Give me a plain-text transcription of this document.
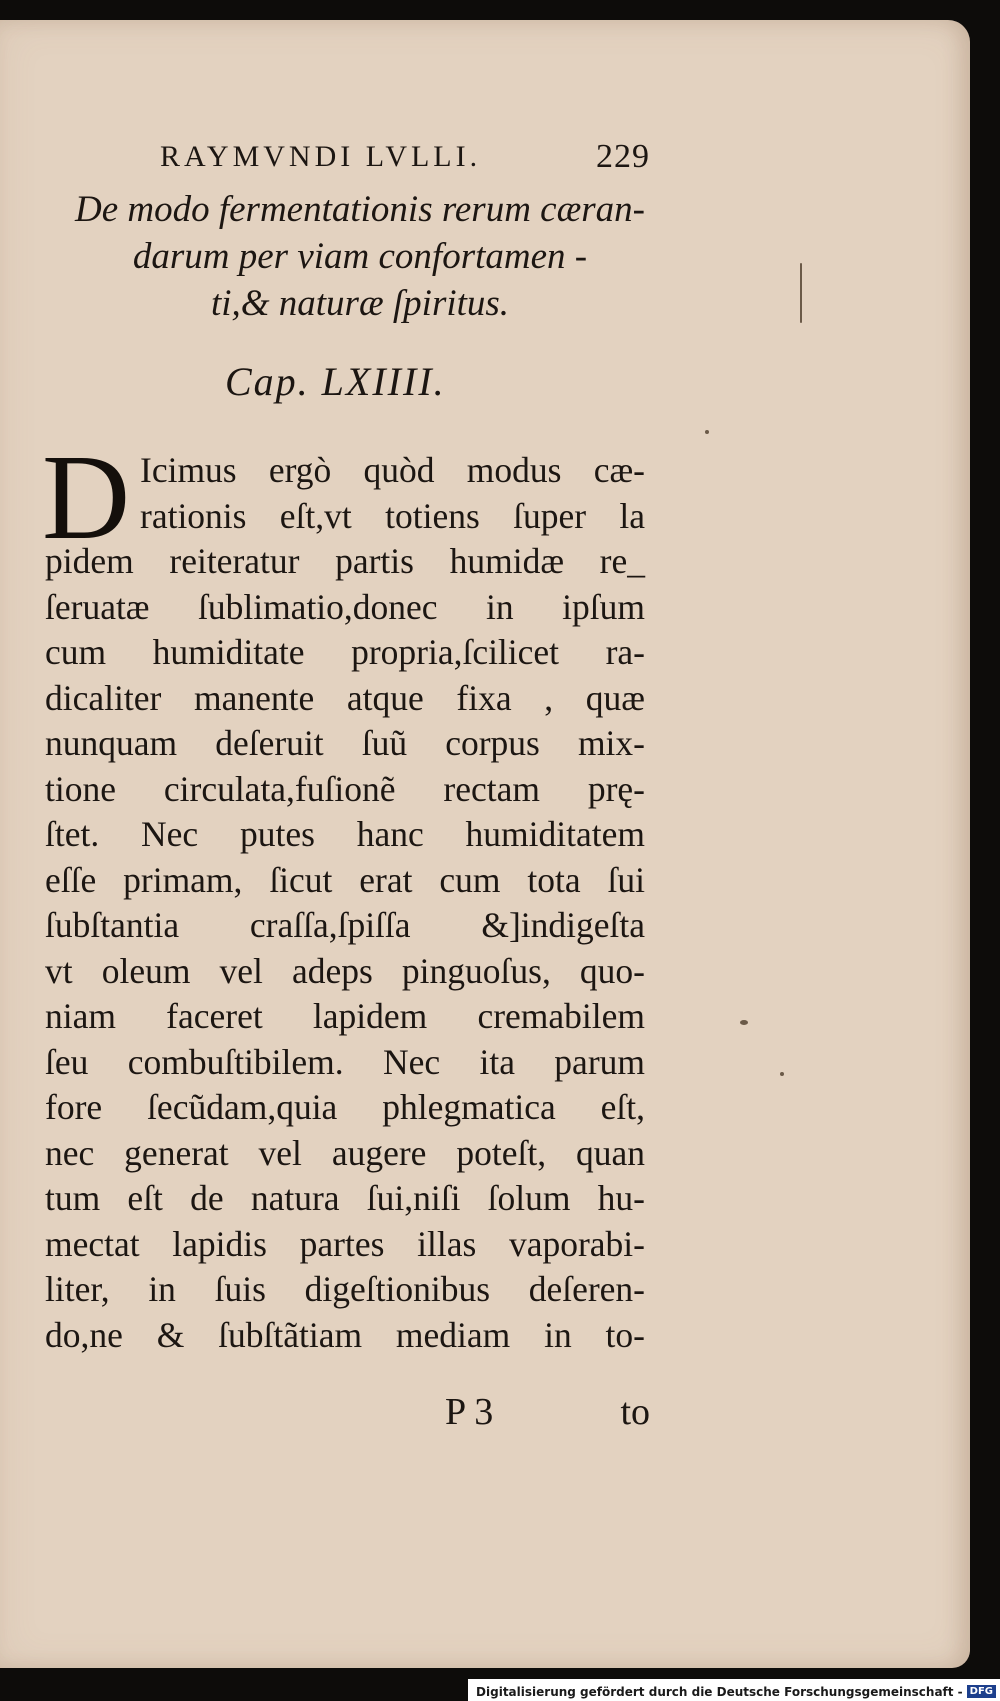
RAYMVNDI LVLLI.	229
De modo fermentationis rerum cæran-
darum per viam confortamen ‑
ti,& naturæ ſpiritus.
Cap. LXIIII.
D Icimus ergò quòd modus cæ-
rationis eſt,vt totiens ſuper la
pidem reiteratur partis humidæ re_
ſeruatæ ſublimatio,donec in ipſum
cum humiditate propria,ſcilicet ra-
dicaliter manente atque fixa , quæ
nunquam deſeruit ſuũ corpus mix-
tione circulata,fuſionẽ rectam prę-
ſtet. Nec putes hanc humiditatem
eſſe primam, ſicut erat cum tota ſui
ſubſtantia craſſa,ſpiſſa &]indigeſta
vt oleum vel adeps pinguoſus, quo-
niam faceret lapidem cremabilem
ſeu combuſtibilem. Nec ita parum
fore ſecũdam,quia phlegmatica eſt,
nec generat vel augere poteſt, quan
tum eſt de natura ſui,niſi ſolum hu-
mectat lapidis partes illas vaporabi-
liter, in ſuis digeſtionibus deſeren-
do,ne & ſubſtãtiam mediam in to-
P 3	to
Digitalisierung gefördert durch die Deutsche Forschungsgemeinschaft - DFG
